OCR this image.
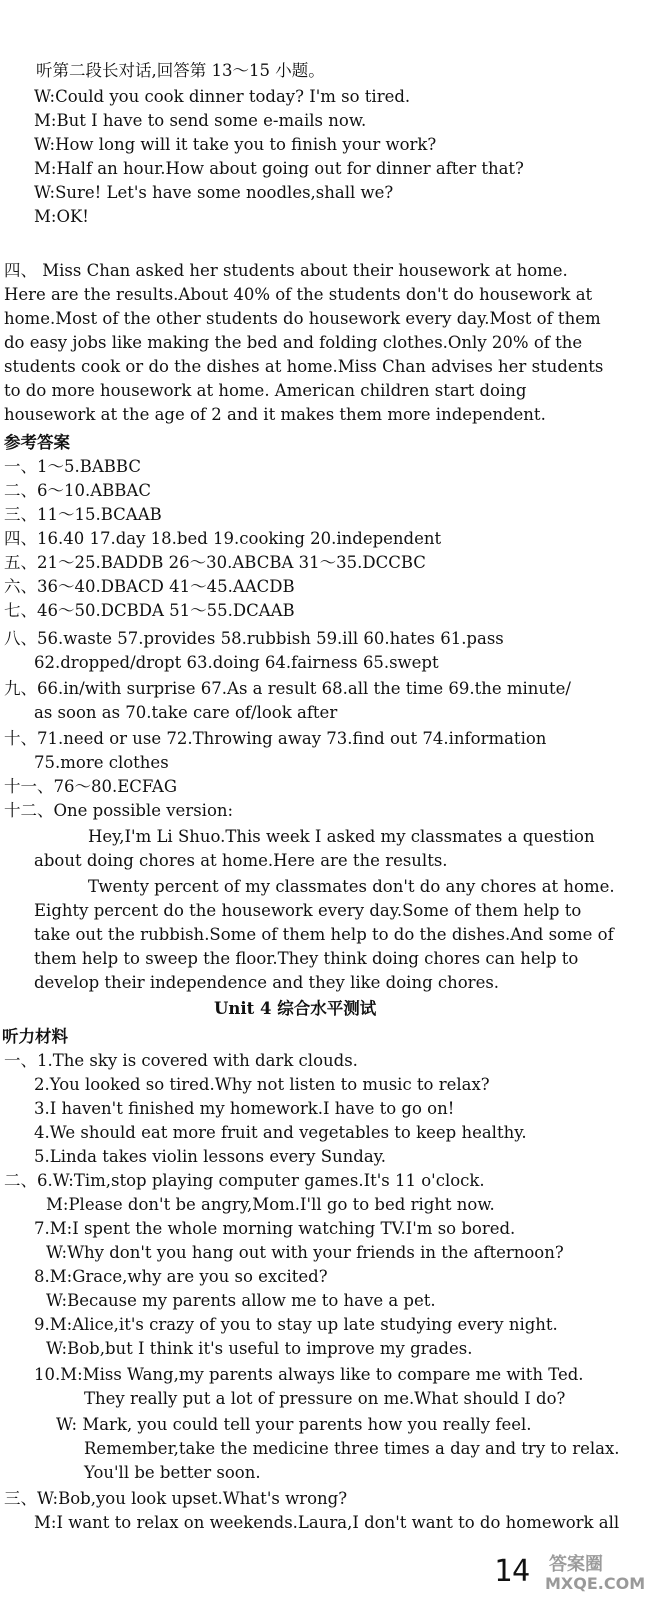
听第二段长对话,回答第 13～15 小题。
W:Could you cook dinner today? I'm so tired.
M:But I have to send some e-mails now.
W:How long will it take you to finish your work?
M:Half an hour.How about going out for dinner after that?
W:Sure! Let's have some noodles,shall we?
M:OK!
四、 Miss Chan asked her students about their housework at home.
Here are the results.About 40% of the students don't do housework at
home.Most of the other students do housework every day.Most of them
do easy jobs like making the bed and folding clothes.Only 20% of the
students cook or do the dishes at home.Miss Chan advises her students
to do more housework at home. American children start doing
housework at the age of 2 and it makes them more independent.
参考答案
一、1～5.BABBC
二、6～10.ABBAC
三、11～15.BCAAB
四、16.40 17.day 18.bed 19.cooking 20.independent
五、21～25.BADDB 26～30.ABCBA 31～35.DCCBC
六、36～40.DBACD 41～45.AACDB
七、46～50.DCBDA 51～55.DCAAB
八、56.waste 57.provides 58.rubbish 59.ill 60.hates 61.pass
62.dropped/dropt 63.doing 64.fairness 65.swept
九、66.in/with surprise 67.As a result 68.all the time 69.the minute/
as soon as 70.take care of/look after
十、71.need or use 72.Throwing away 73.find out 74.information
75.more clothes
十一、76～80.ECFAG
十二、One possible version:
Hey,I'm Li Shuo.This week I asked my classmates a question
about doing chores at home.Here are the results.
Twenty percent of my classmates don't do any chores at home.
Eighty percent do the housework every day.Some of them help to
take out the rubbish.Some of them help to do the dishes.And some of
them help to sweep the floor.They think doing chores can help to
develop their independence and they like doing chores.
Unit 4 综合水平测试
听力材料
一、1.The sky is covered with dark clouds.
2.You looked so tired.Why not listen to music to relax?
3.I haven't finished my homework.I have to go on!
4.We should eat more fruit and vegetables to keep healthy.
5.Linda takes violin lessons every Sunday.
二、6.W:Tim,stop playing computer games.It's 11 o'clock.
M:Please don't be angry,Mom.I'll go to bed right now.
7.M:I spent the whole morning watching TV.I'm so bored.
W:Why don't you hang out with your friends in the afternoon?
8.M:Grace,why are you so excited?
W:Because my parents allow me to have a pet.
9.M:Alice,it's crazy of you to stay up late studying every night.
W:Bob,but I think it's useful to improve my grades.
10.M:Miss Wang,my parents always like to compare me with Ted.
They really put a lot of pressure on me.What should I do?
W: Mark, you could tell your parents how you really feel.
Remember,take the medicine three times a day and try to relax.
You'll be better soon.
三、W:Bob,you look upset.What's wrong?
M:I want to relax on weekends.Laura,I don't want to do homework all
14 答案圈
MXQE.COM
